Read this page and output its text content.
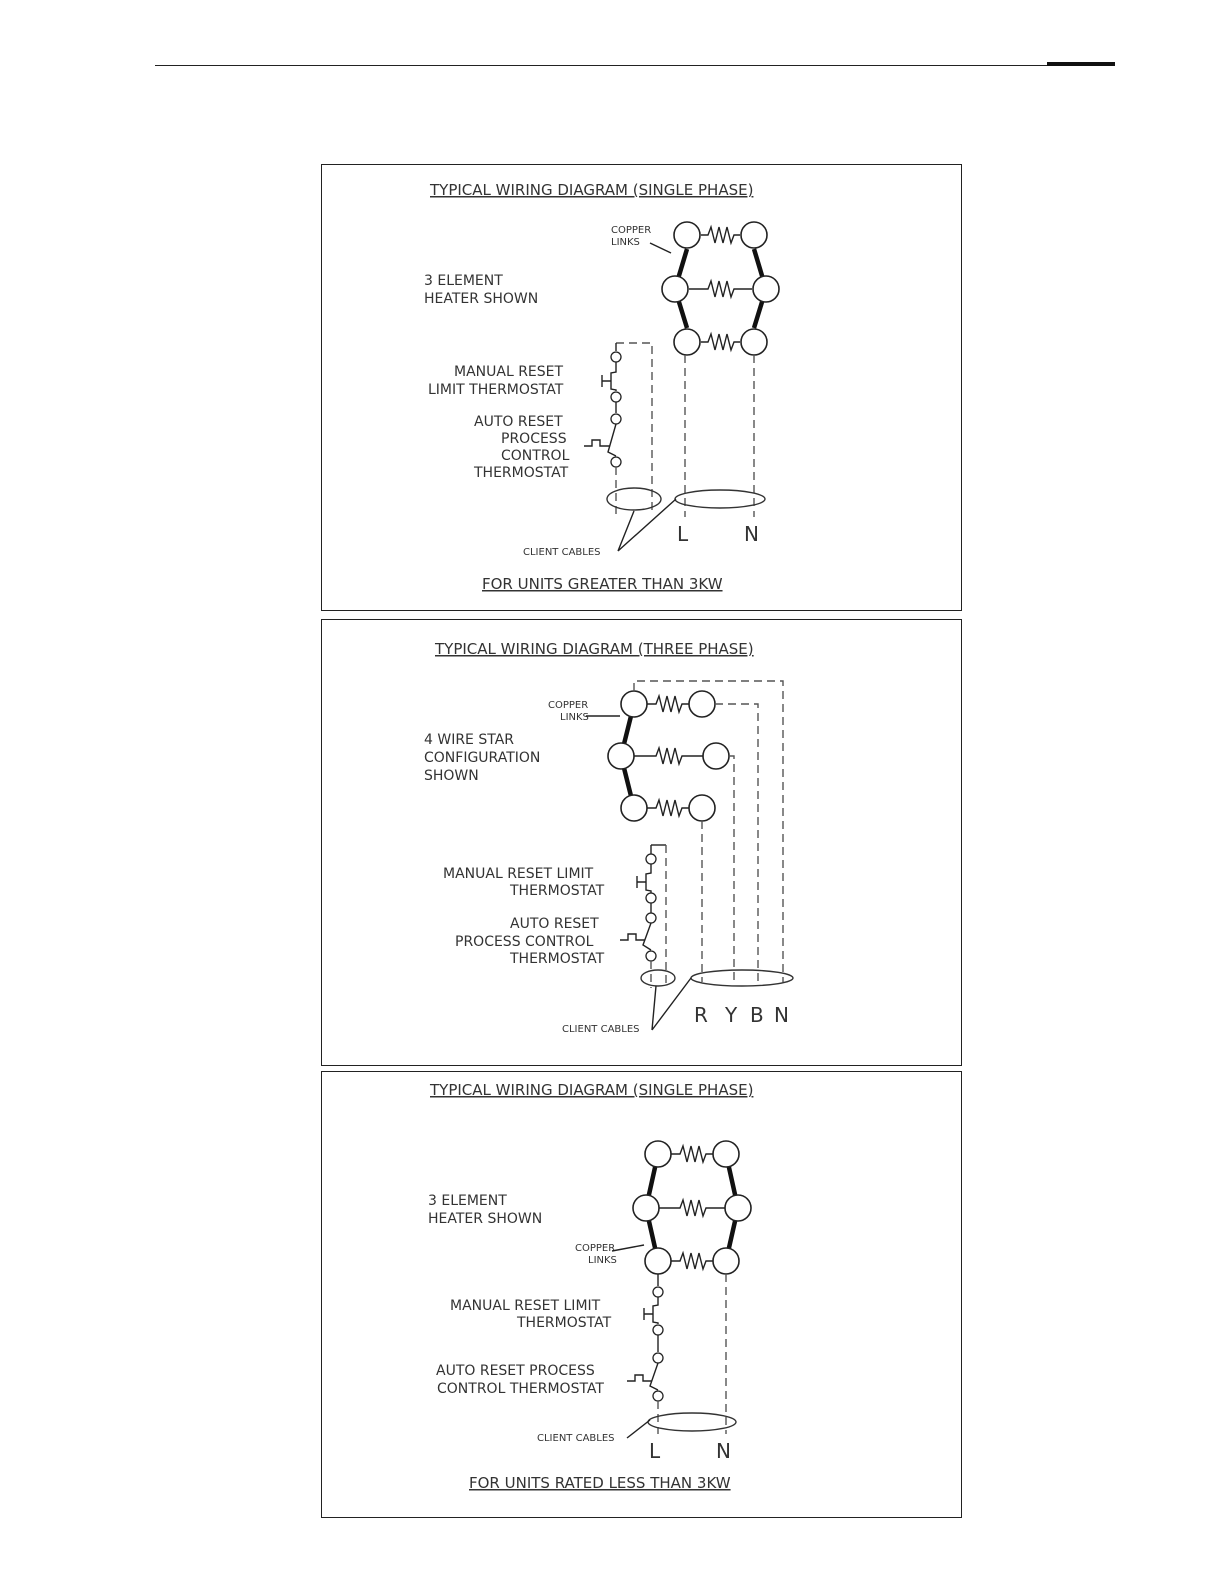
TYPICAL WIRING DIAGRAM (SINGLE PHASE)
3 ELEMENT
HEATER SHOWN
COPPER
LINKS
MANUAL RESET
LIMIT THERMOSTAT
AUTO RESET
PROCESS
CONTROL
THERMOSTAT
CLIENT CABLES
L	N
FOR UNITS GREATER THAN 3KW
TYPICAL WIRING DIAGRAM (THREE PHASE)
4 WIRE STAR
CONFIGURATION
SHOWN
COPPER
LINKS
MANUAL RESET LIMIT
THERMOSTAT
AUTO RESET
PROCESS CONTROL
THERMOSTAT
CLIENT CABLES
R Y B N
TYPICAL WIRING DIAGRAM (SINGLE PHASE)
3 ELEMENT
HEATER SHOWN
COPPER
LINKS
MANUAL RESET LIMIT
THERMOSTAT
AUTO RESET PROCESS
CONTROL THERMOSTAT
CLIENT CABLES
L	N
FOR UNITS RATED LESS THAN 3KW
